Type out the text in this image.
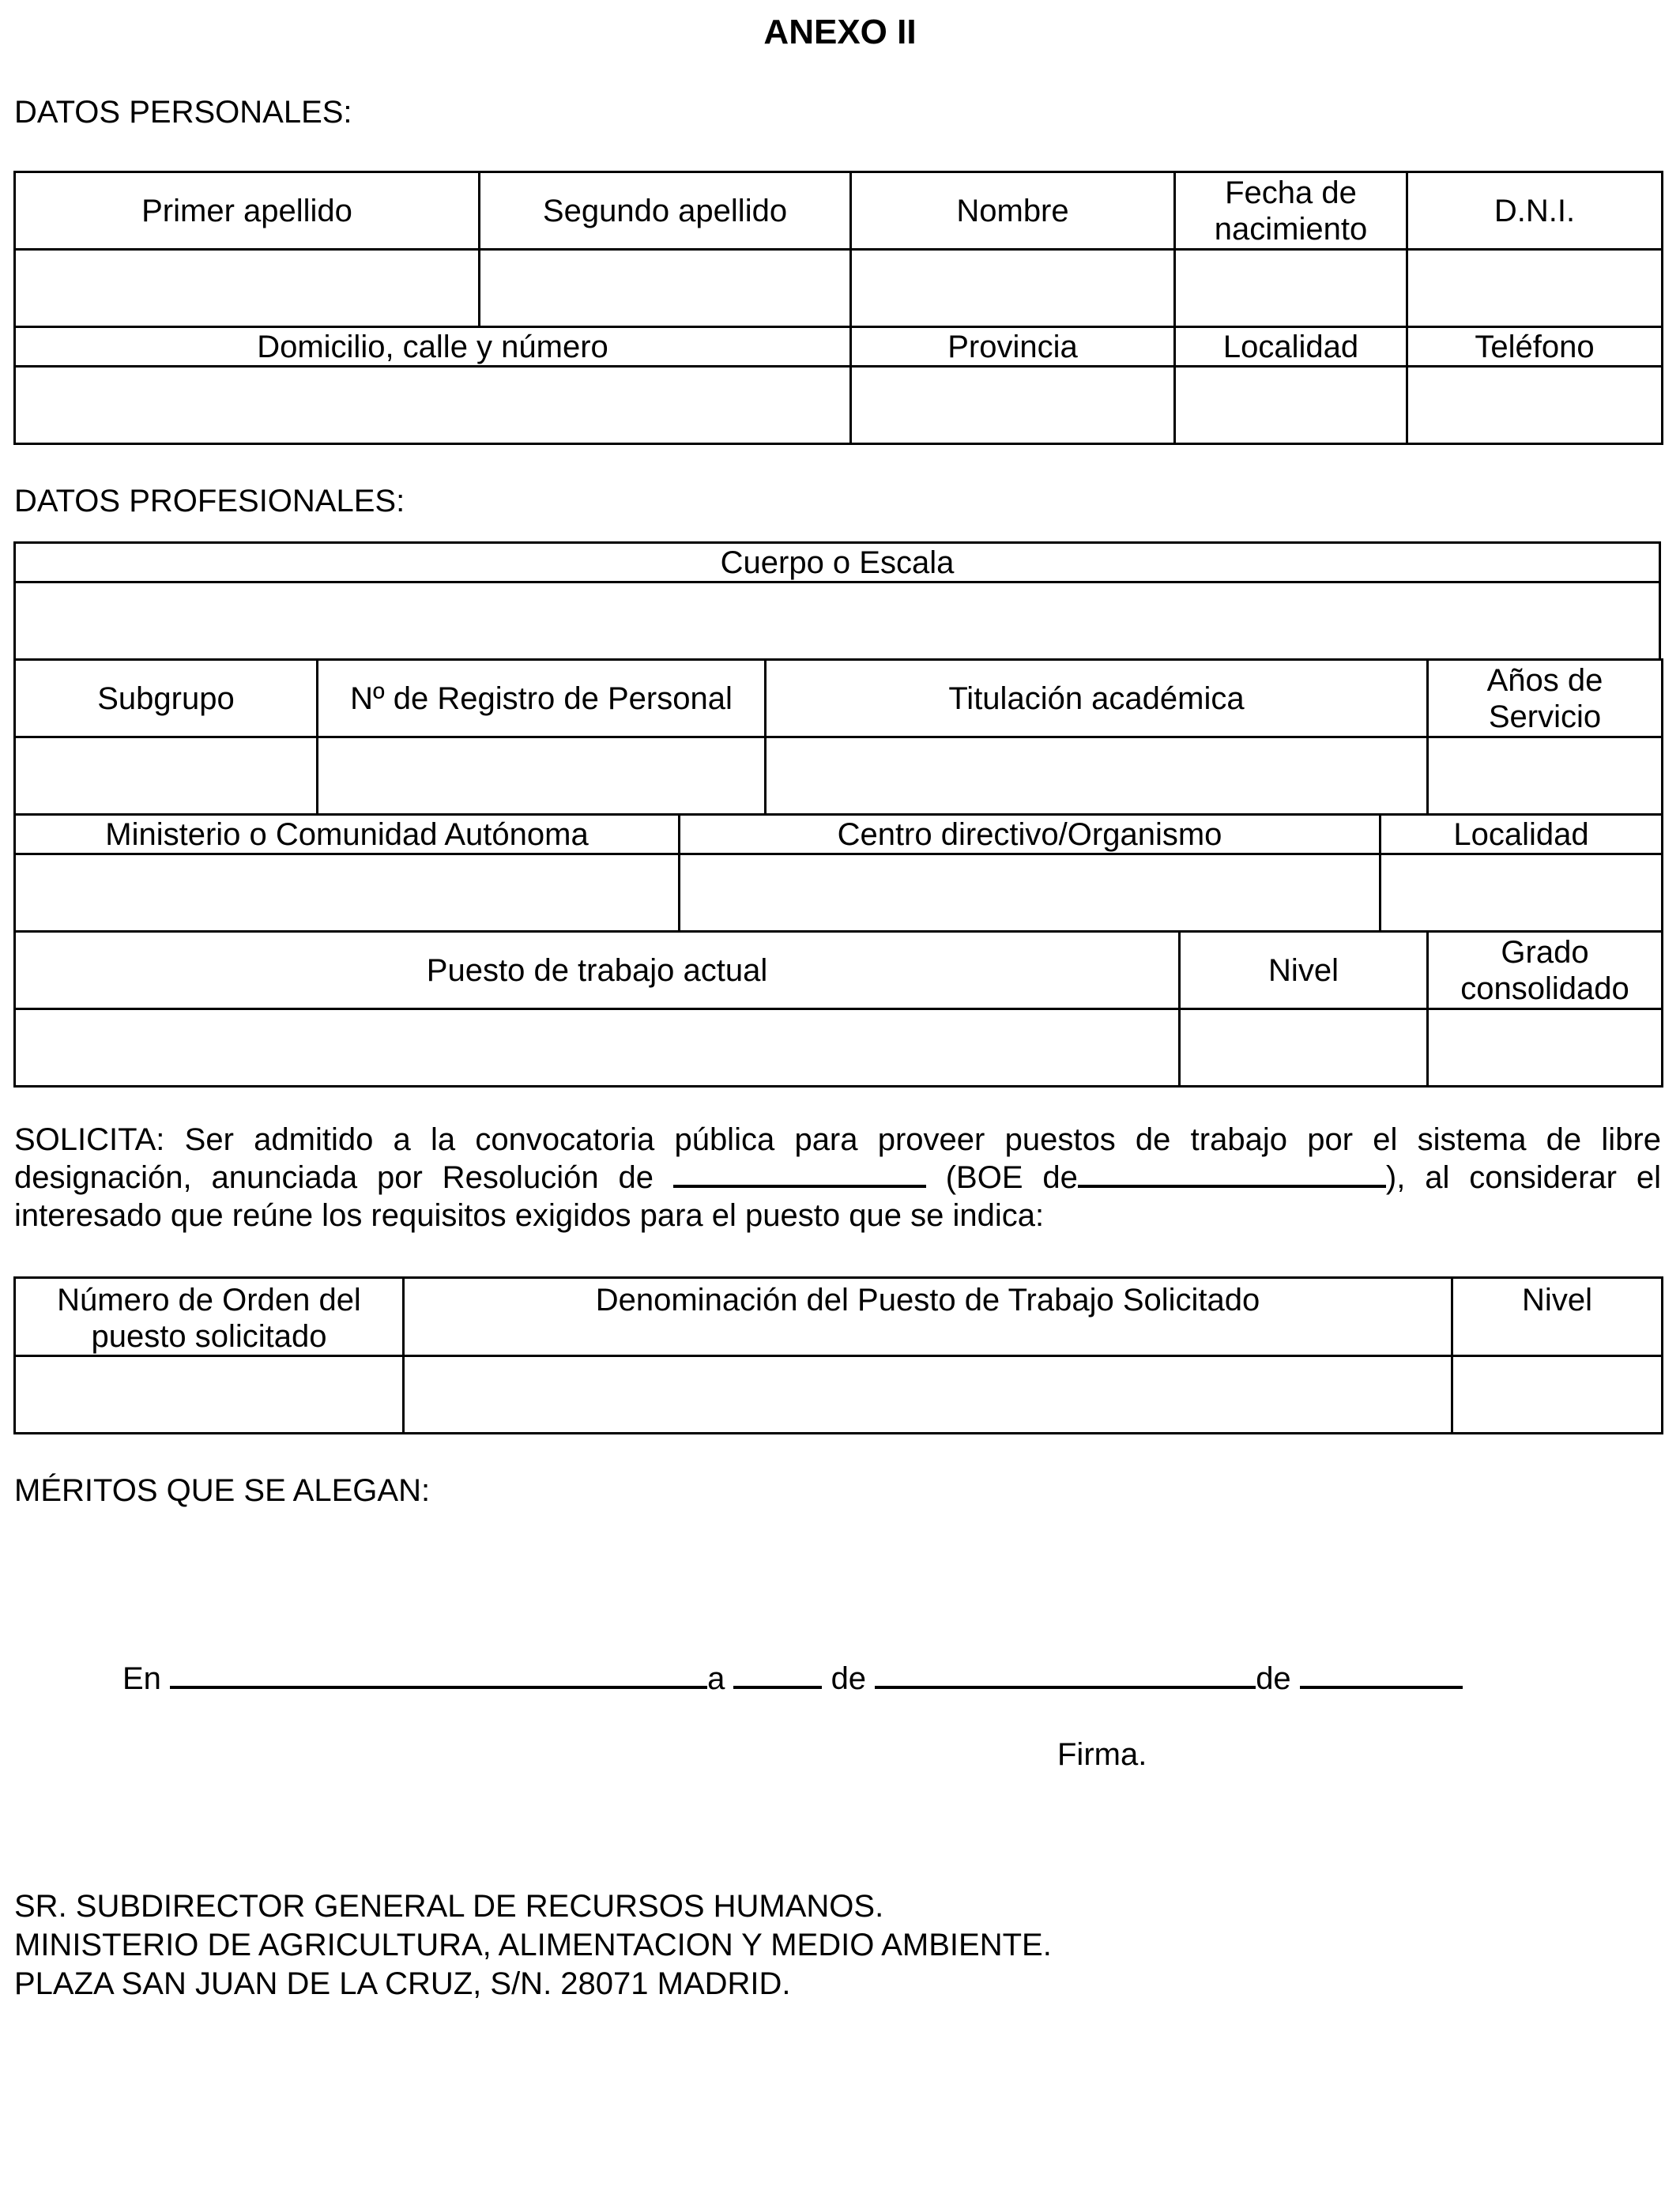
ANEXO II
DATOS PERSONALES:
Primer apellido	Segundo apellido	Nombre	Fecha de nacimiento	D.N.I.

Domicilio, calle y número		Provincia	Localidad	Teléfono

DATOS PROFESIONALES:
Cuerpo o Escala

Subgrupo	Nº de Registro de Personal	Titulación académica	Años de Servicio

Ministerio o Comunidad Autónoma	Centro directivo/Organismo	Localidad

Puesto de trabajo actual	Nivel	Grado consolidado

SOLICITA: Ser admitido a la convocatoria pública para proveer puestos de trabajo por el sistema de libre designación, anunciada por Resolución de	(BOE de	), al considerar el interesado que reúne los requisitos exigidos para el puesto que se indica:
Número de Orden del puesto solicitado	Denominación del Puesto de Trabajo Solicitado	Nivel

MÉRITOS QUE SE ALEGAN:
En	a	de	de
Firma.
SR. SUBDIRECTOR GENERAL DE RECURSOS HUMANOS.
MINISTERIO DE AGRICULTURA, ALIMENTACION Y MEDIO AMBIENTE.
PLAZA SAN JUAN DE LA CRUZ, S/N. 28071 MADRID.
